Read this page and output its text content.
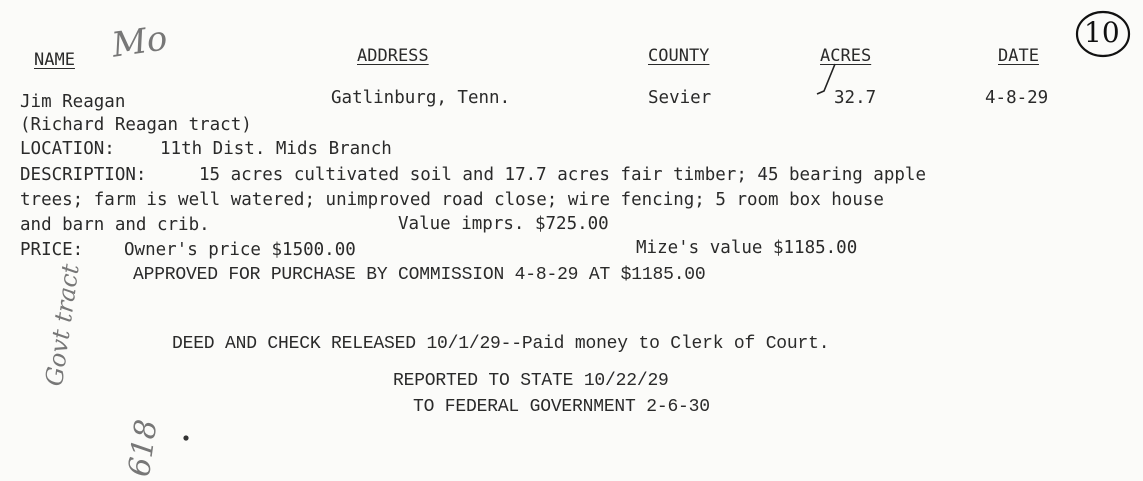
NAME	ADDRESS	COUNTY	ACRES	DATE
Mo	10
Jim Reagan	Gatlinburg, Tenn.	Sevier	32.7	4-8-29
(Richard Reagan tract)
LOCATION:	11th Dist. Mids Branch
DESCRIPTION:	15 acres cultivated soil and 17.7 acres fair timber; 45 bearing apple
trees; farm is well watered; unimproved road close; wire fencing; 5 room box house
and barn and crib.	Value imprs. $725.00
PRICE: Owner's price $1500.00	Mize's value $1185.00
APPROVED FOR PURCHASE BY COMMISSION 4-8-29 AT $1185.00
DEED AND CHECK RELEASED 10/1/29--Paid money to Clerk of Court.
REPORTED TO STATE 10/22/29
TO FEDERAL GOVERNMENT 2-6-30
Govt tract
618
